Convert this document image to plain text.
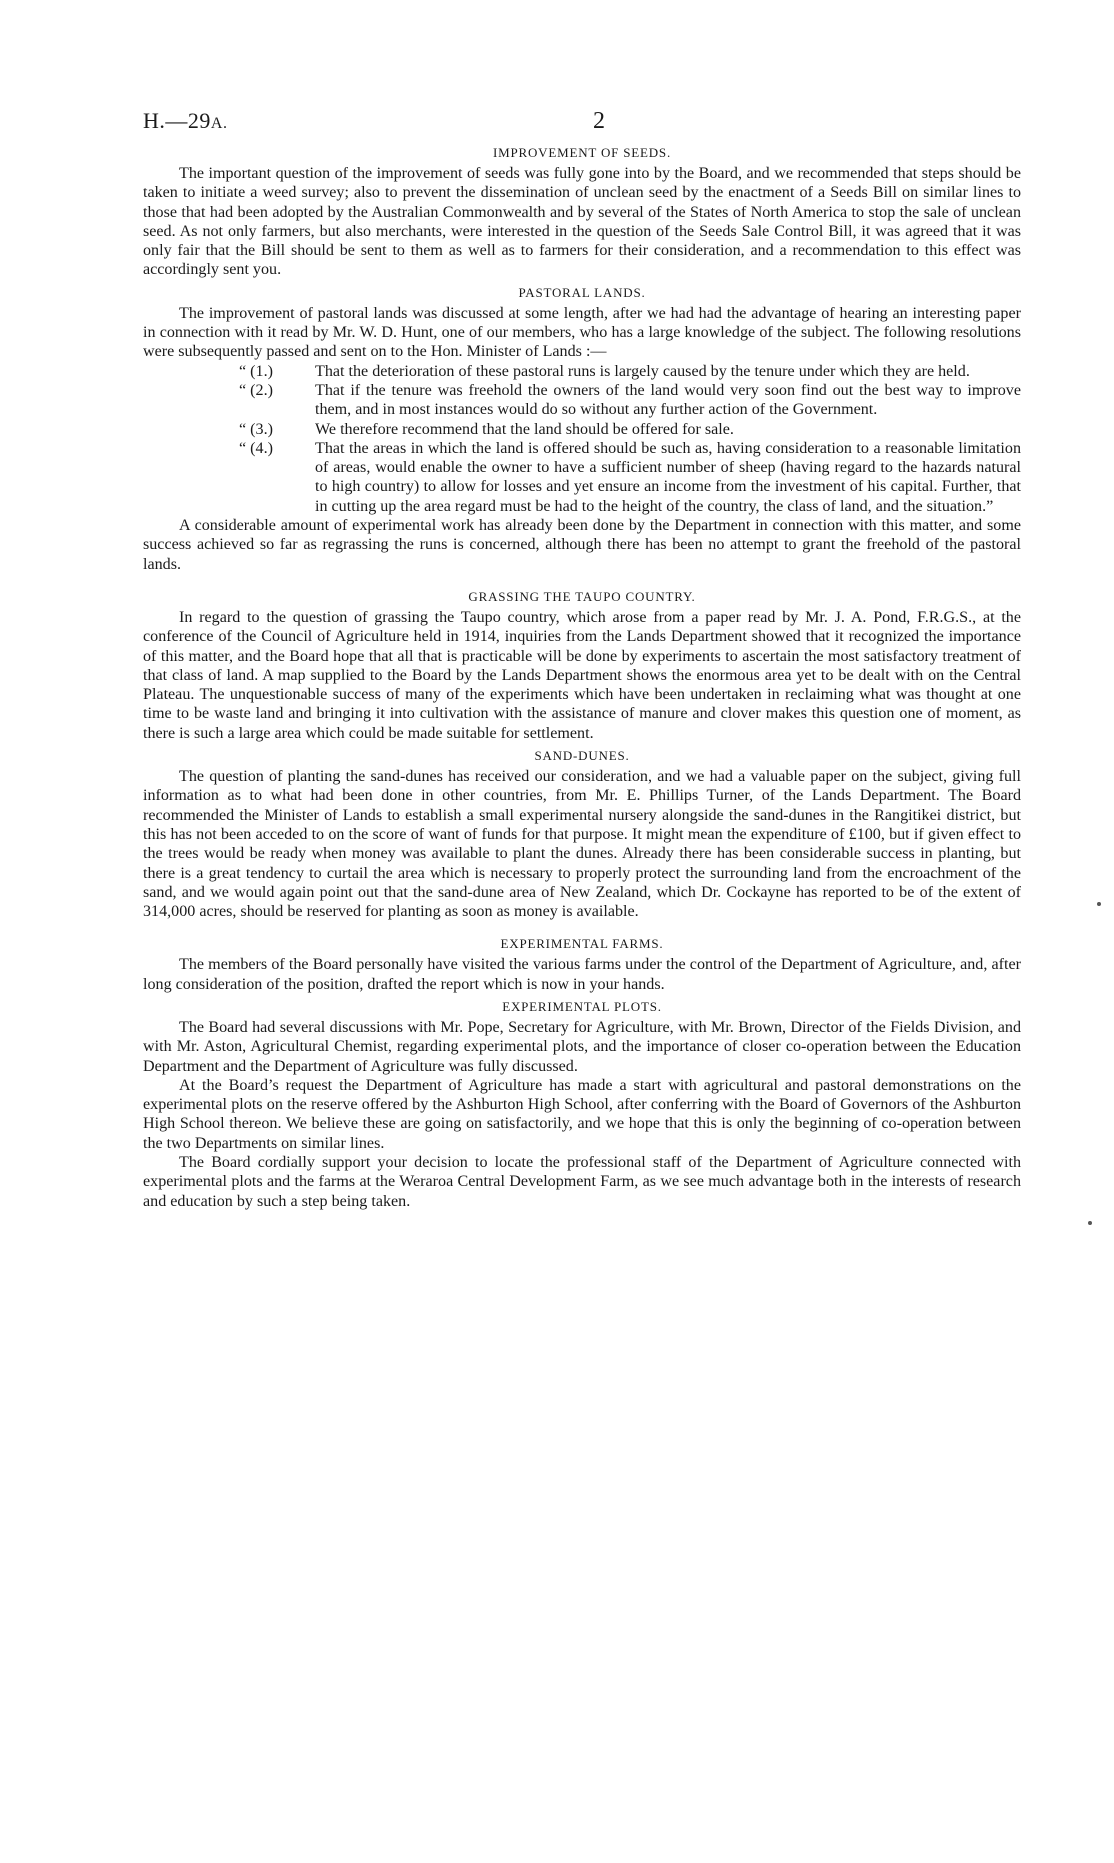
H.—29A.	2
IMPROVEMENT OF SEEDS.

The important question of the improvement of seeds was fully gone into by the Board, and we recommended that steps should be taken to initiate a weed survey; also to prevent the dissemination of unclean seed by the enactment of a Seeds Bill on similar lines to those that had been adopted by the Australian Commonwealth and by several of the States of North America to stop the sale of unclean seed. As not only farmers, but also merchants, were interested in the question of the Seeds Sale Control Bill, it was agreed that it was only fair that the Bill should be sent to them as well as to farmers for their consideration, and a recommendation to this effect was accordingly sent you.

PASTORAL LANDS.

The improvement of pastoral lands was discussed at some length, after we had had the advantage of hearing an interesting paper in connection with it read by Mr. W. D. Hunt, one of our members, who has a large knowledge of the subject. The following resolutions were subsequently passed and sent on to the Hon. Minister of Lands :—

“ (1.)	That the deterioration of these pastoral runs is largely caused by the tenure under which they are held.
“ (2.)	That if the tenure was freehold the owners of the land would very soon find out the best way to improve them, and in most instances would do so without any further action of the Government.
“ (3.)	We therefore recommend that the land should be offered for sale.
“ (4.)	That the areas in which the land is offered should be such as, having consideration to a reasonable limitation of areas, would enable the owner to have a sufficient number of sheep (having regard to the hazards natural to high country) to allow for losses and yet ensure an income from the investment of his capital. Further, that in cutting up the area regard must be had to the height of the country, the class of land, and the situation.”

A considerable amount of experimental work has already been done by the Department in connection with this matter, and some success achieved so far as regrassing the runs is concerned, although there has been no attempt to grant the freehold of the pastoral lands.

GRASSING THE TAUPO COUNTRY.

In regard to the question of grassing the Taupo country, which arose from a paper read by Mr. J. A. Pond, F.R.G.S., at the conference of the Council of Agriculture held in 1914, inquiries from the Lands Department showed that it recognized the importance of this matter, and the Board hope that all that is practicable will be done by experiments to ascertain the most satisfactory treatment of that class of land. A map supplied to the Board by the Lands Department shows the enormous area yet to be dealt with on the Central Plateau. The unquestionable success of many of the experiments which have been undertaken in reclaiming what was thought at one time to be waste land and bringing it into cultivation with the assistance of manure and clover makes this question one of moment, as there is such a large area which could be made suitable for settlement.

SAND-DUNES.

The question of planting the sand-dunes has received our consideration, and we had a valuable paper on the subject, giving full information as to what had been done in other countries, from Mr. E. Phillips Turner, of the Lands Department. The Board recommended the Minister of Lands to establish a small experimental nursery alongside the sand-dunes in the Rangitikei district, but this has not been acceded to on the score of want of funds for that purpose. It might mean the expenditure of £100, but if given effect to the trees would be ready when money was available to plant the dunes. Already there has been considerable success in planting, but there is a great tendency to curtail the area which is necessary to properly protect the surrounding land from the encroachment of the sand, and we would again point out that the sand-dune area of New Zealand, which Dr. Cockayne has reported to be of the extent of 314,000 acres, should be reserved for planting as soon as money is available.

EXPERIMENTAL FARMS.

The members of the Board personally have visited the various farms under the control of the Department of Agriculture, and, after long consideration of the position, drafted the report which is now in your hands.

EXPERIMENTAL PLOTS.

The Board had several discussions with Mr. Pope, Secretary for Agriculture, with Mr. Brown, Director of the Fields Division, and with Mr. Aston, Agricultural Chemist, regarding experimental plots, and the importance of closer co-operation between the Education Department and the Department of Agriculture was fully discussed.

At the Board’s request the Department of Agriculture has made a start with agricultural and pastoral demonstrations on the experimental plots on the reserve offered by the Ashburton High School, after conferring with the Board of Governors of the Ashburton High School thereon. We believe these are going on satisfactorily, and we hope that this is only the beginning of co-operation between the two Departments on similar lines.

The Board cordially support your decision to locate the professional staff of the Department of Agriculture connected with experimental plots and the farms at the Weraroa Central Development Farm, as we see much advantage both in the interests of research and education by such a step being taken.
